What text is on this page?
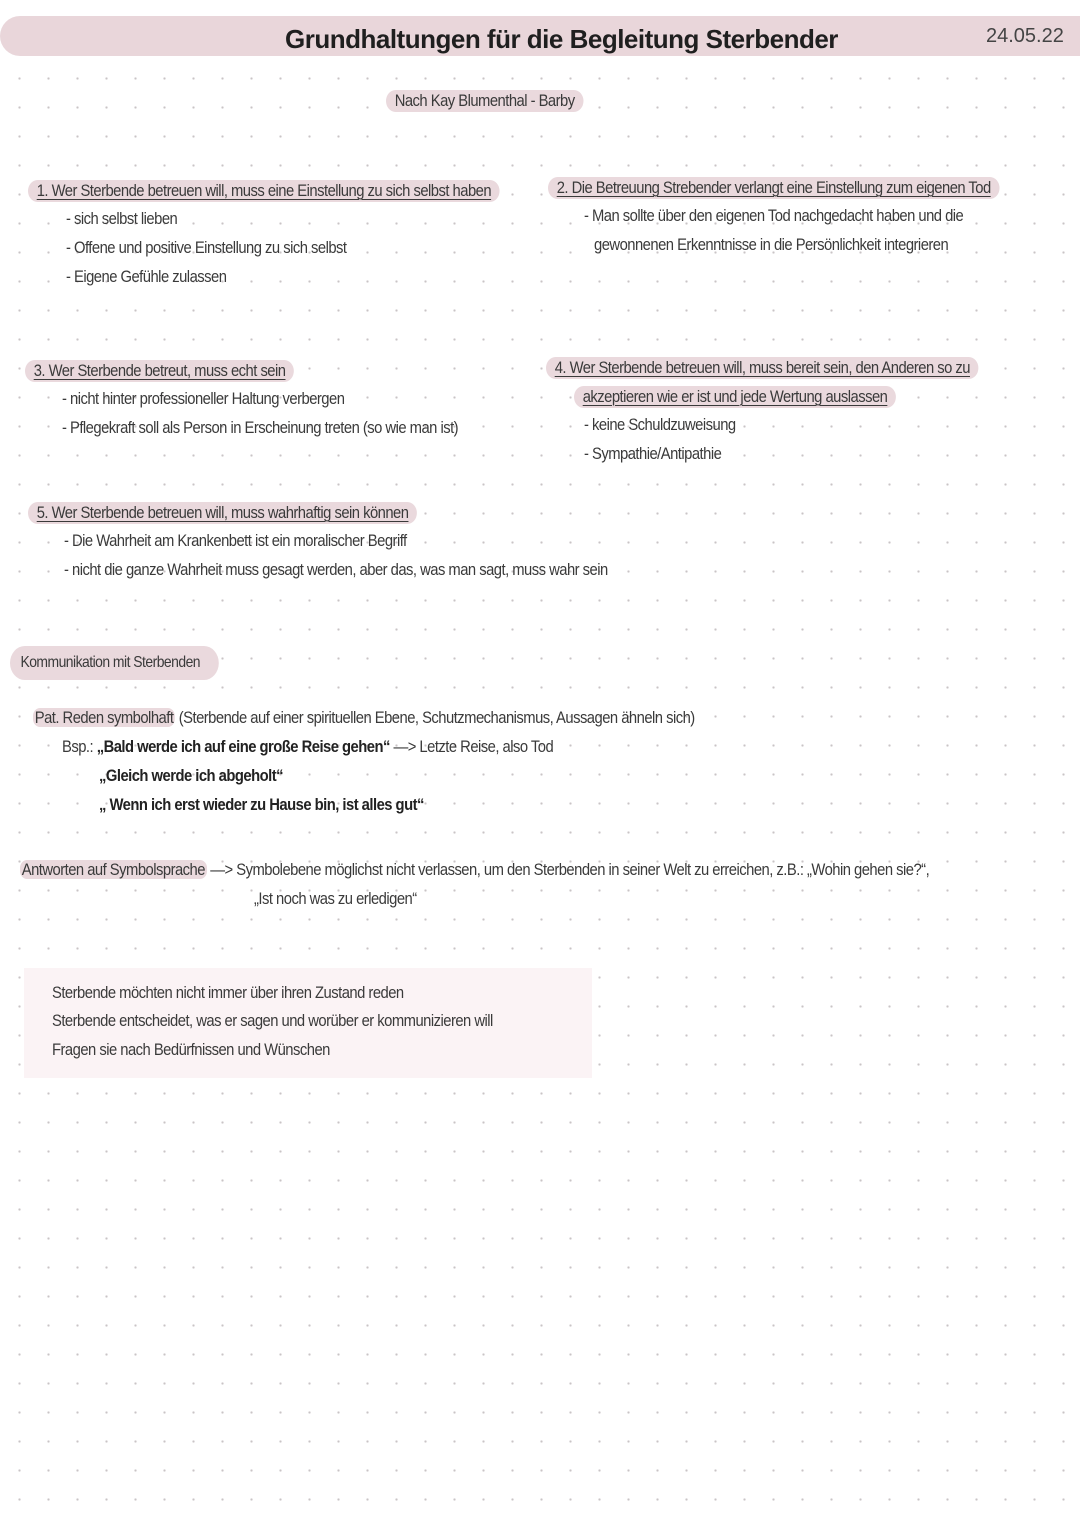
Grundhaltungen für die Begleitung Sterbender	24.05.22
Nach Kay Blumenthal - Barby
1. Wer Sterbende betreuen will, muss eine Einstellung zu sich selbst haben
- sich selbst lieben
- Offene und positive Einstellung zu sich selbst
- Eigene Gefühle zulassen
2. Die Betreuung Strebender verlangt eine Einstellung zum eigenen Tod
- Man sollte über den eigenen Tod nachgedacht haben und die
gewonnenen Erkenntnisse in die Persönlichkeit integrieren
3. Wer Sterbende betreut, muss echt sein
- nicht hinter professioneller Haltung verbergen
- Pflegekraft soll als Person in Erscheinung treten (so wie man ist)
4. Wer Sterbende betreuen will, muss bereit sein, den Anderen so zu
akzeptieren wie er ist und jede Wertung auslassen
- keine Schuldzuweisung
- Sympathie/Antipathie
5. Wer Sterbende betreuen will, muss wahrhaftig sein können
- Die Wahrheit am Krankenbett ist ein moralischer Begriff
- nicht die ganze Wahrheit muss gesagt werden, aber das, was man sagt, muss wahr sein
Kommunikation mit Sterbenden
Pat. Reden symbolhaft (Sterbende auf einer spirituellen Ebene, Schutzmechanismus, Aussagen ähneln sich)
Bsp.: „Bald werde ich auf eine große Reise gehen“ —> Letzte Reise, also Tod
„Gleich werde ich abgeholt“
„ Wenn ich erst wieder zu Hause bin, ist alles gut“
Antworten auf Symbolsprache —> Symbolebene möglichst nicht verlassen, um den Sterbenden in seiner Welt zu erreichen, z.B.: „Wohin gehen sie?“,
„Ist noch was zu erledigen“
Sterbende möchten nicht immer über ihren Zustand reden
Sterbende entscheidet, was er sagen und worüber er kommunizieren will
Fragen sie nach Bedürfnissen und Wünschen
